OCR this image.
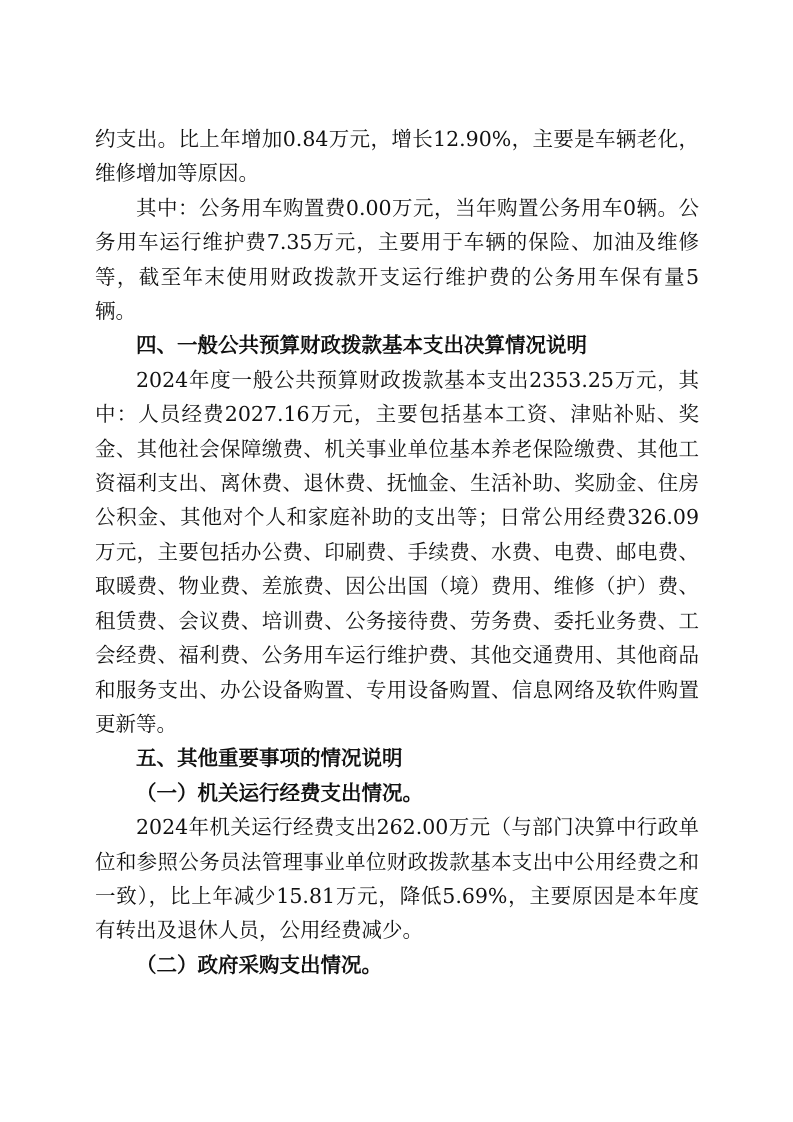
约支出。比上年增加0.84万元，增长12.90%，主要是车辆老化，维修增加等原因。

其中：公务用车购置费0.00万元，当年购置公务用车0辆。公务用车运行维护费7.35万元，主要用于车辆的保险、加油及维修等，截至年末使用财政拨款开支运行维护费的公务用车保有量5辆。

四、一般公共预算财政拨款基本支出决算情况说明

2024年度一般公共预算财政拨款基本支出2353.25万元，其中：人员经费2027.16万元，主要包括基本工资、津贴补贴、奖金、其他社会保障缴费、机关事业单位基本养老保险缴费、其他工资福利支出、离休费、退休费、抚恤金、生活补助、奖励金、住房公积金、其他对个人和家庭补助的支出等；日常公用经费326.09万元，主要包括办公费、印刷费、手续费、水费、电费、邮电费、取暖费、物业费、差旅费、因公出国（境）费用、维修（护）费、租赁费、会议费、培训费、公务接待费、劳务费、委托业务费、工会经费、福利费、公务用车运行维护费、其他交通费用、其他商品和服务支出、办公设备购置、专用设备购置、信息网络及软件购置更新等。

五、其他重要事项的情况说明

（一）机关运行经费支出情况。

2024年机关运行经费支出262.00万元（与部门决算中行政单位和参照公务员法管理事业单位财政拨款基本支出中公用经费之和一致），比上年减少15.81万元，降低5.69%，主要原因是本年度有转出及退休人员，公用经费减少。

（二）政府采购支出情况。
